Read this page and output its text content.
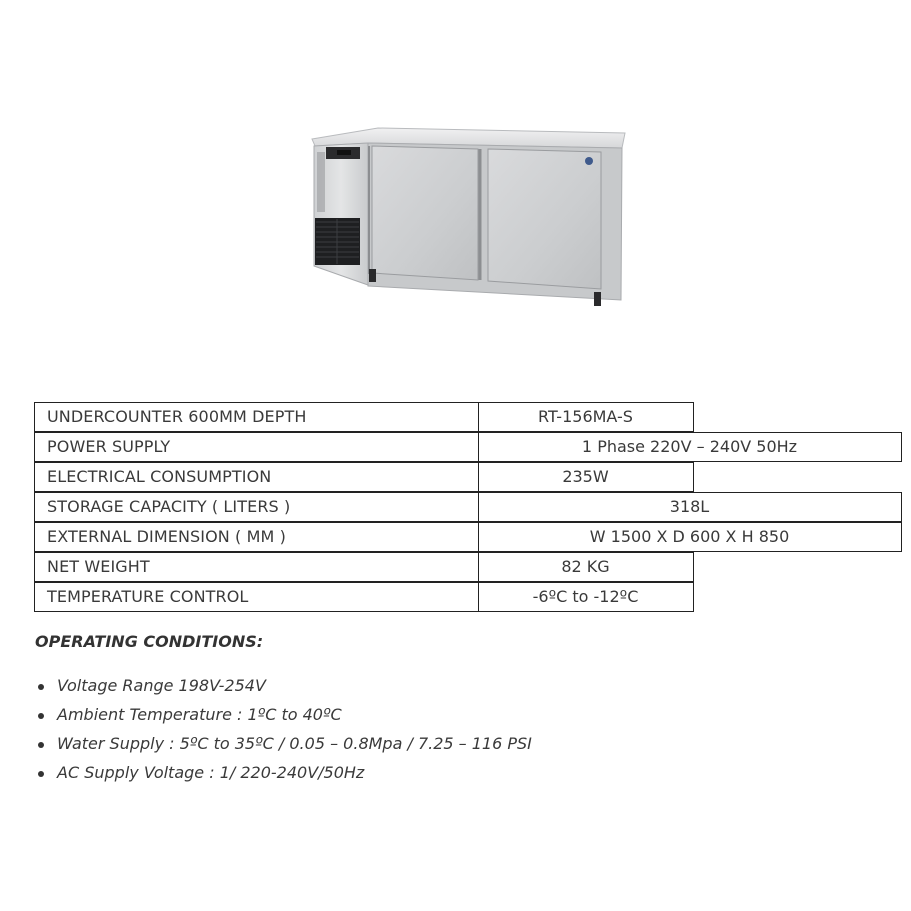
UNDERCOUNTER 600MM DEPTH	RT-156MA-S
POWER SUPPLY	1 Phase 220V – 240V 50Hz
ELECTRICAL CONSUMPTION	235W
STORAGE CAPACITY ( LITERS )	318L
EXTERNAL DIMENSION ( MM )	W 1500 X D 600 X H 850
NET WEIGHT	82 KG
TEMPERATURE CONTROL	-6ºC to -12ºC
OPERATING CONDITIONS:
Voltage Range 198V-254V
Ambient Temperature : 1ºC to 40ºC
Water Supply : 5ºC to 35ºC / 0.05 – 0.8Mpa / 7.25 – 116 PSI
AC Supply Voltage : 1/ 220-240V/50Hz
